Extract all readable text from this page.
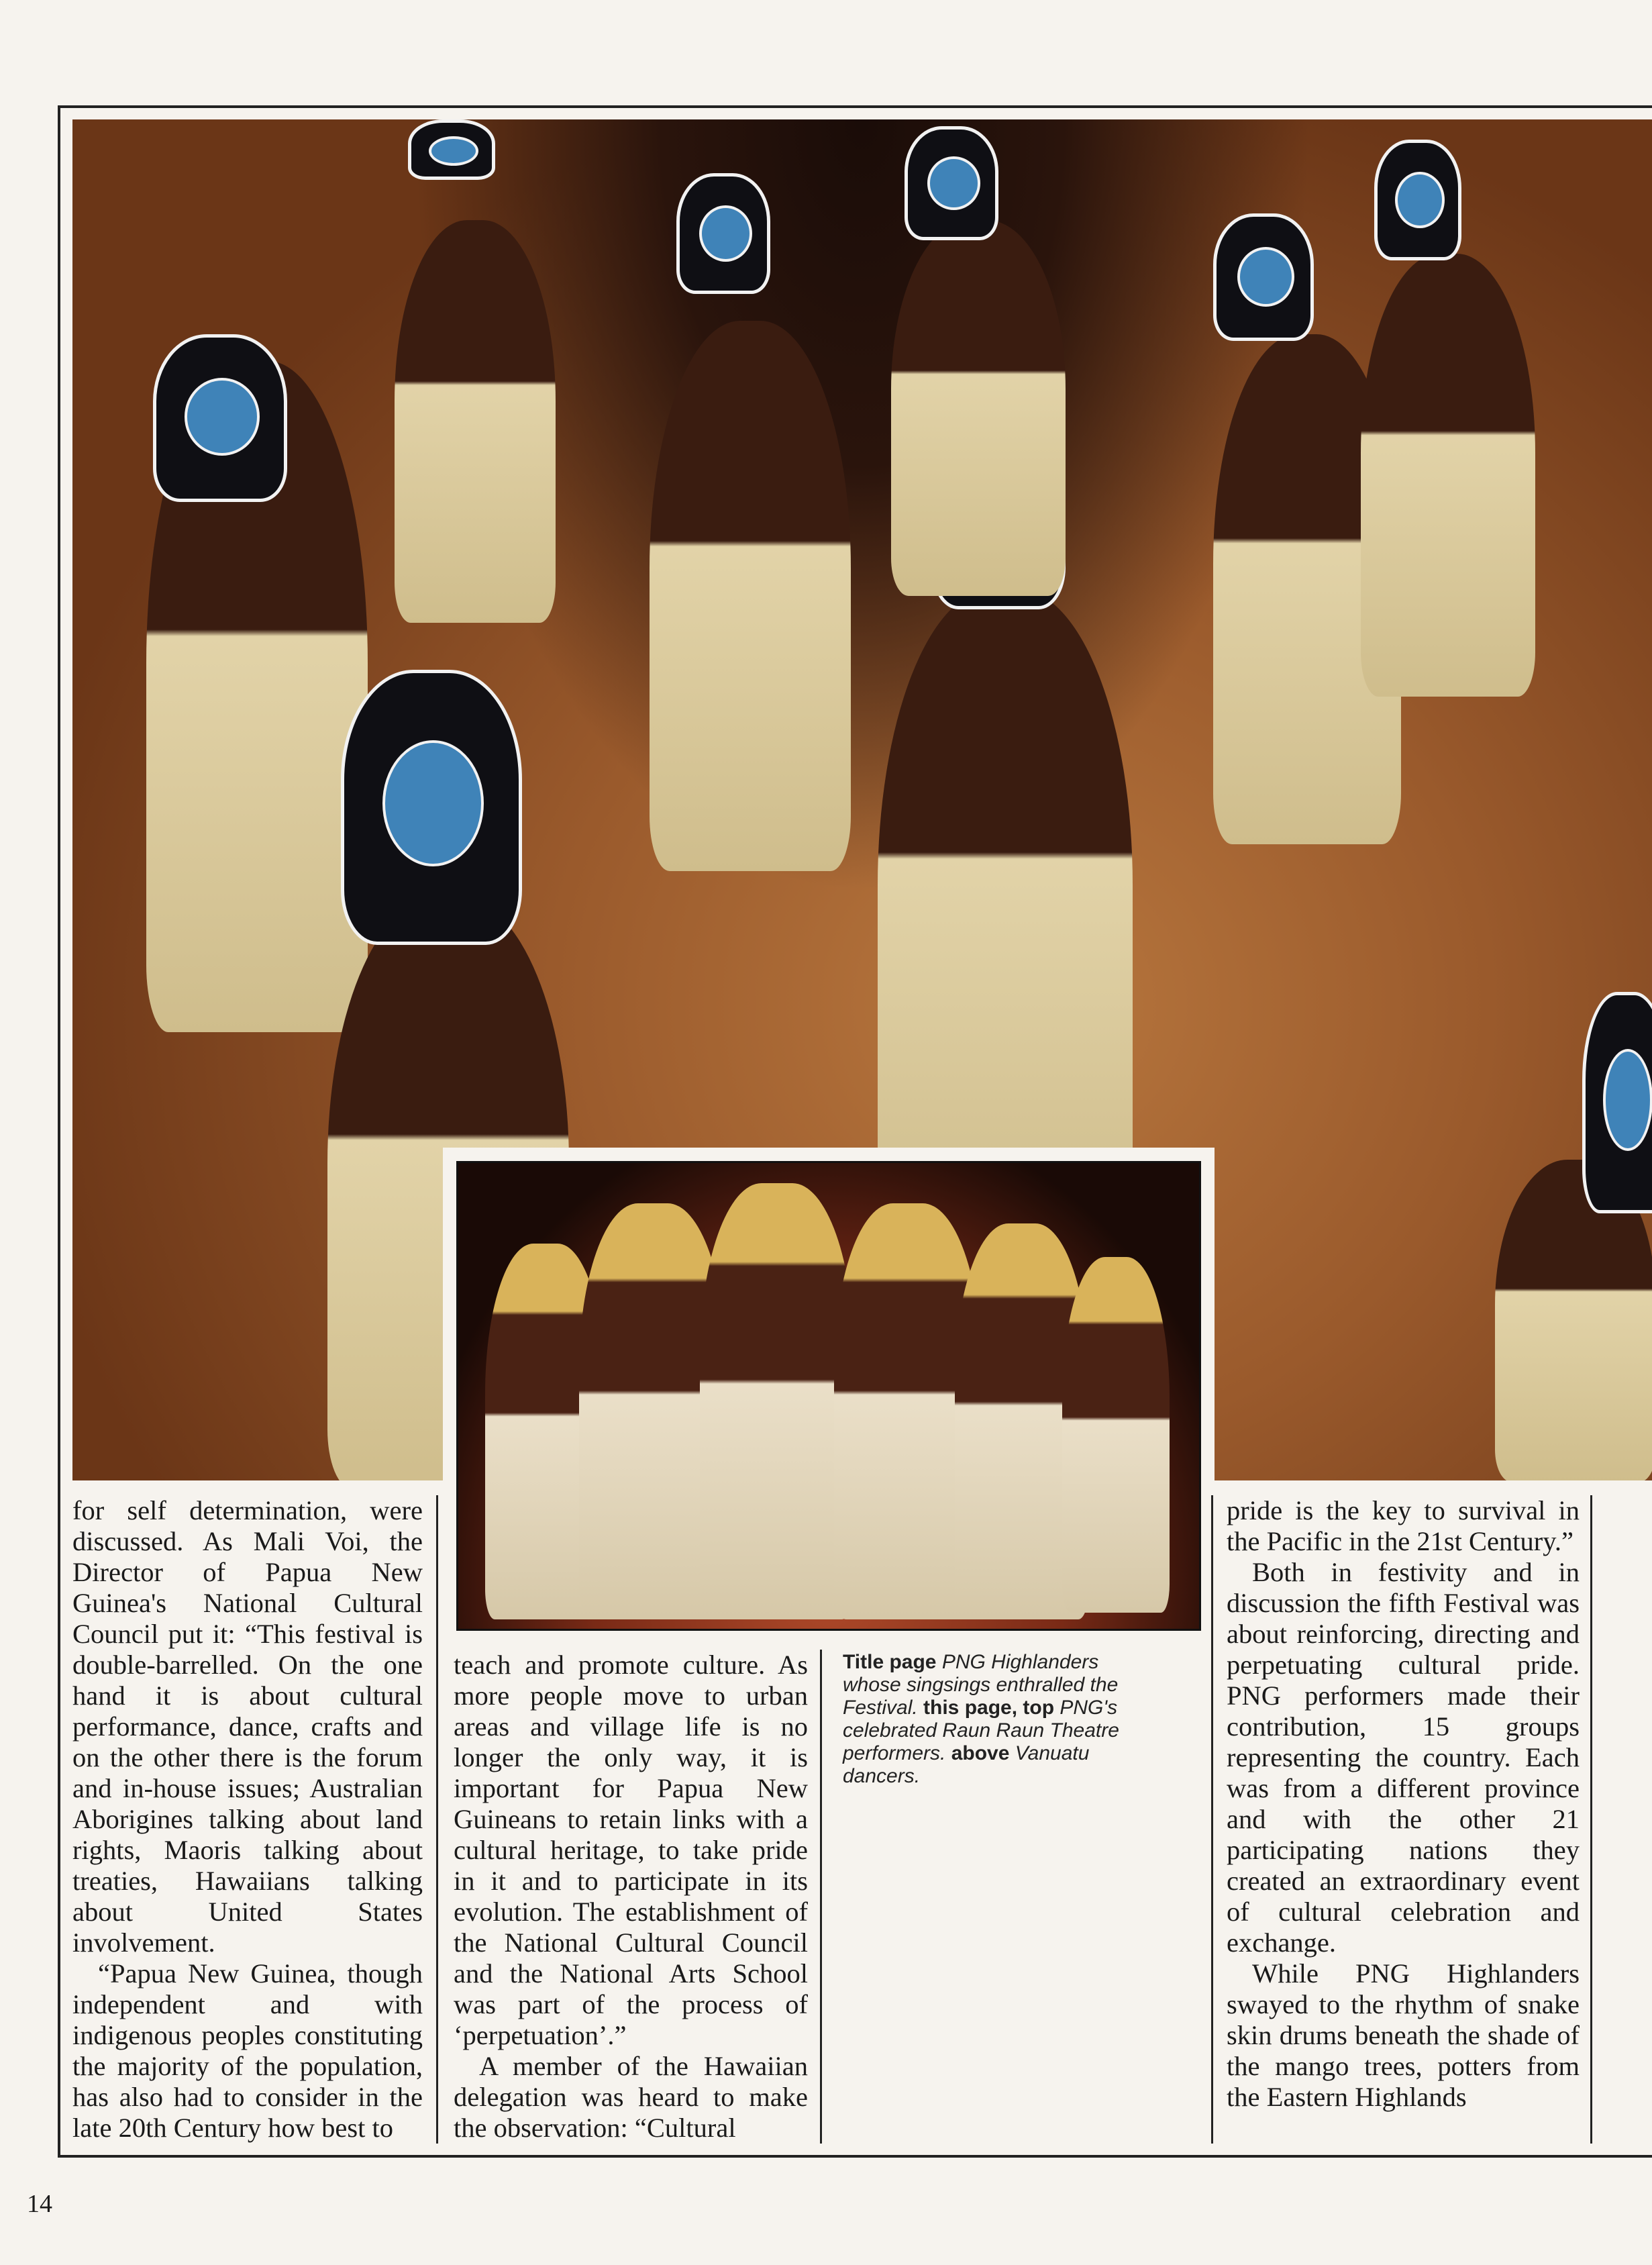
for self determination, were discussed. As Mali Voi, the Director of Papua New Guinea's National Cultural Council put it: “This festival is double-barrelled. On the one hand it is about cultural performance, dance, crafts and on the other there is the forum and in-house issues; Australian Aborigines talking about land rights, Maoris talking about treaties, Hawaiians talking about United States involvement.

“Papua New Guinea, though independent and with indigenous peoples constituting the majority of the population, has also had to consider in the late 20th Century how best to

teach and promote culture. As more people move to urban areas and village life is no longer the only way, it is important for Papua New Guineans to retain links with a cultural heritage, to take pride in it and to participate in its evolution. The establishment of the National Cultural Council and the National Arts School was part of the process of ‘perpetuation’.”

A member of the Hawaiian delegation was heard to make the observation: “Cultural

Title page PNG Highlanders whose singsings enthralled the Festival. this page, top PNG's celebrated Raun Raun Theatre performers. above Vanuatu dancers.

pride is the key to survival in the Pacific in the 21st Century.”

Both in festivity and in discussion the fifth Festival was about reinforcing, directing and perpetuating cultural pride. PNG performers made their contribution, 15 groups representing the country. Each was from a different province and with the other 21 participating nations they created an extraordinary event of cultural celebration and exchange.

While PNG Highlanders swayed to the rhythm of snake skin drums beneath the shade of the mango trees, potters from the Eastern Highlands

14
